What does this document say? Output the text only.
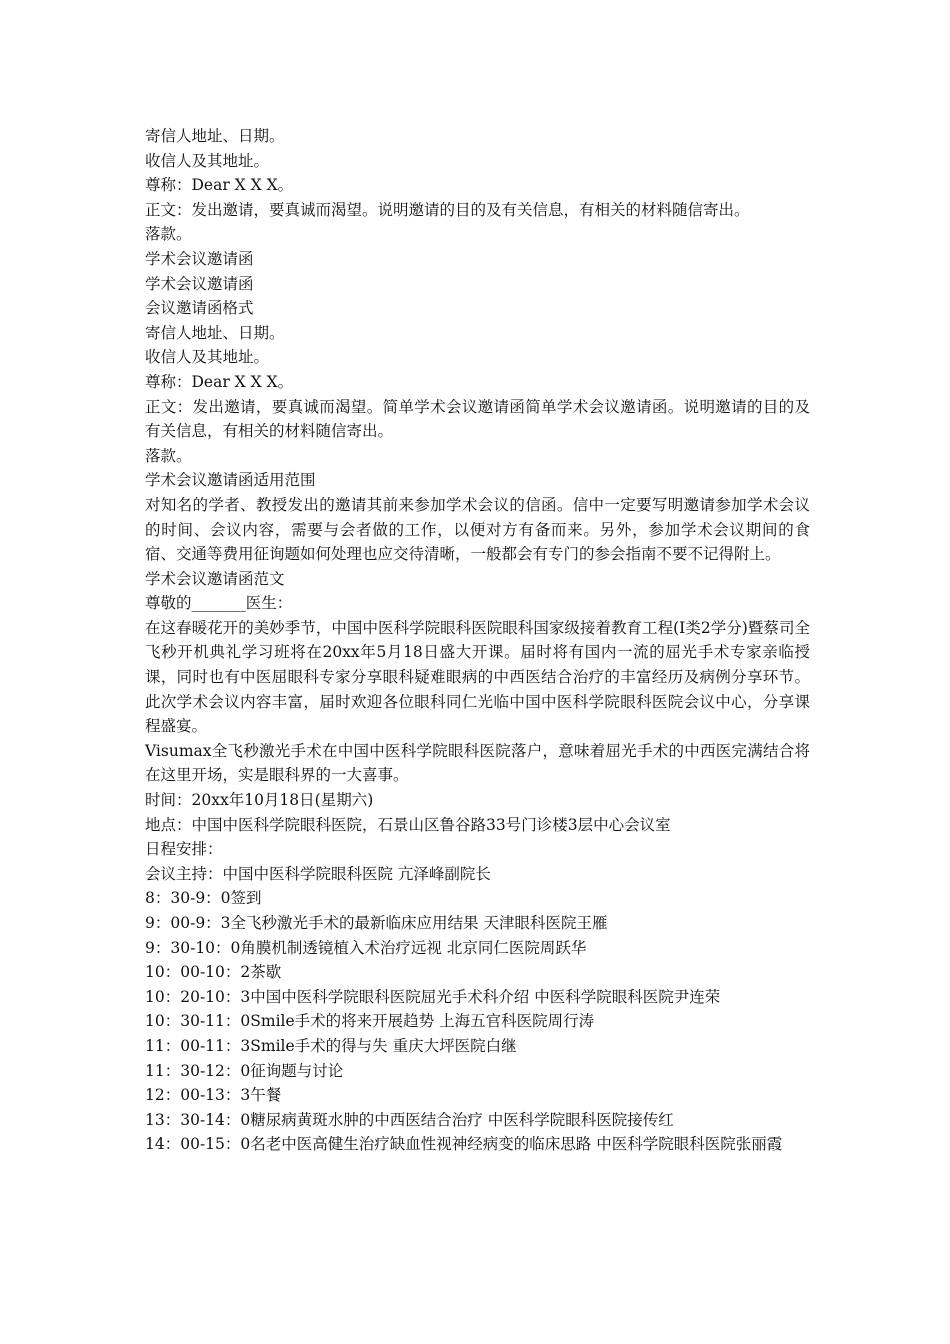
寄信人地址、日期。

收信人及其地址。

尊称：Dear X X X。

正文：发出邀请，要真诚而渴望。说明邀请的目的及有关信息，有相关的材料随信寄出。

落款。

学术会议邀请函

学术会议邀请函

会议邀请函格式

寄信人地址、日期。

收信人及其地址。

尊称：Dear X X X。

正文：发出邀请，要真诚而渴望。简单学术会议邀请函简单学术会议邀请函。说明邀请的目的及有关信息，有相关的材料随信寄出。

落款。

学术会议邀请函适用范围

对知名的学者、教授发出的邀请其前来参加学术会议的信函。信中一定要写明邀请参加学术会议的时间、会议内容，需要与会者做的工作，以便对方有备而来。另外，参加学术会议期间的食宿、交通等费用征询题如何处理也应交待清晰，一般都会有专门的参会指南不要不记得附上。

学术会议邀请函范文

尊敬的_______医生：

在这春暖花开的美妙季节，中国中医科学院眼科医院眼科国家级接着教育工程(I类2学分)暨蔡司全飞秒开机典礼学习班将在20xx年5月18日盛大开课。届时将有国内一流的屈光手术专家亲临授课，同时也有中医屈眼科专家分享眼科疑难眼病的中西医结合治疗的丰富经历及病例分享环节。此次学术会议内容丰富，届时欢迎各位眼科同仁光临中国中医科学院眼科医院会议中心，分享课程盛宴。

Visumax全飞秒激光手术在中国中医科学院眼科医院落户，意味着屈光手术的中西医完满结合将在这里开场，实是眼科界的一大喜事。

时间：20xx年10月18日(星期六)

地点：中国中医科学院眼科医院，石景山区鲁谷路33号门诊楼3层中心会议室

日程安排：

会议主持：中国中医科学院眼科医院 亢泽峰副院长

8：30-9：0签到

9：00-9：3全飞秒激光手术的最新临床应用结果 天津眼科医院王雁

9：30-10：0角膜机制透镜植入术治疗远视 北京同仁医院周跃华

10：00-10：2茶歇

10：20-10：3中国中医科学院眼科医院屈光手术科介绍 中医科学院眼科医院尹连荣

10：30-11：0Smile手术的将来开展趋势 上海五官科医院周行涛

11：00-11：3Smile手术的得与失 重庆大坪医院白继

11：30-12：0征询题与讨论

12：00-13：3午餐

13：30-14：0糖尿病黄斑水肿的中西医结合治疗 中医科学院眼科医院接传红

14：00-15：0名老中医高健生治疗缺血性视神经病变的临床思路 中医科学院眼科医院张丽霞
